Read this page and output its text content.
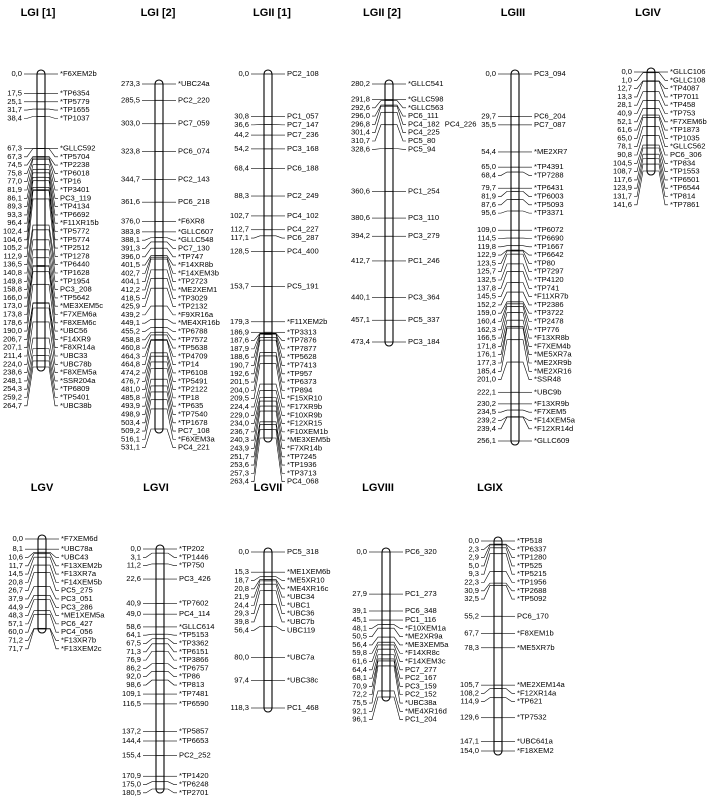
LGI [1]
0,0	*F6XEM2b
17,5	*TP6354
25,1	*TP5779
31,7	*TP1655
38,4	*TP1037
67,3	*GLLC592
67,3	*TP5704
74,5	*TP2238
75,8	*TP6018
77,0	*TP16
81,9	*TP3401
86,1	PC3_119
89,3	*TP4134
93,3	*TP6692
96,4	*F11XR15b
102,4	*TP5772
104,6	*TP5774
105,2	*TP2512
112,9	*TP1278
136,5	*TP6440
140,8	*TP1628
149,8	*TP1954
158,8	PC3_208
166,0	*TP5642
173,0	*ME3XEM5c
173,8	*F7XEM6a
178,6	*F8XEM6c
190,0	*UBC56
206,7	*F14XR9
207,1	*F8XR14a
211,4	*UBC33
224,0	*UBC78b
238,6	*F8XEM5a
248,1	*SSR204a
254,3	*TP6809
259,2	*TP5401
264,7	*UBC38b
LGI [2]
273,3	*UBC24a
285,5	PC2_220
303,0	PC7_059
323,8	PC6_074
344,7	PC2_143
361,6	PC6_218
376,0	*F6XR8
383,8	*GLLC607
388,1	*GLLC548
391,3	PC7_130
396,0	*TP747
401,5	*F14XR8b
402,7	*F14XEM3b
404,1	*TP2723
412,2	*ME2XEM1
418,5	*TP3029
425,9	*TP2132
439,2	*F9XR16a
449,1	*ME4XR16b
455,2	*TP6788
458,8	*TP7572
460,8	*TP5638
464,3	*TP4709
464,8	*TP14
474,2	*TP6108
476,7	*TP5491
481,0	*TP2122
485,8	*TP18
493,9	*TP635
498,9	*TP7540
503,4	*TP1678
509,2	PC7_108
516,1	*F6XEM3a
531,1	PC4_221
LGII [1]
0,0	PC2_108
30,8	PC1_057
36,6	PC7_147
44,2	PC7_236
54,2	PC3_168
68,4	PC6_188
88,3	PC2_249
102,7	PC4_102
112,7	PC4_227
117,1	PC6_287
128,5	PC4_400
153,7	PC5_191
179,3	*F11XEM2b
186,9	*TP3313
187,6	*TP7876
187,9	*TP7877
188,6	*TP5628
190,7	*TP7413
192,6	*TP957
201,5	*TP6373
204,0	*TP894
209,5	*F15XR10
224,4	*F17XR9b
229,0	*F10XR9b
234,0	*F12XR15
236,7	*F10XEM1b
240,3	*ME3XEM5b
243,9	*F7XR14b
251,7	*TP7245
253,6	*TP1936
257,3	*TP3713
263,4	PC4_068
LGII [2]
280,2	*GLLC541
291,8	*GLLC598
292,6	*GLLC563
296,0	PC6_111
296,8	PC4_182 PC4_226
301,4	PC4_225
310,7	PC5_80
328,6	PC5_94
360,6	PC1_254
380,6	PC3_110
394,2	PC3_279
412,7	PC1_246
440,1	PC3_364
457,1	PC5_337
473,4	PC3_184
LGIII
0,0	PC3_094
29,7	PC6_204
35,5	PC7_087
54,4	*ME2XR7
65,0	*TP4391
68,4	*TP7288
79,7	*TP6431
81,9	*TP6003
87,6	*TP5093
95,6	*TP3371
109,0	*TP6072
114,5	*TP6690
119,8	*TP1667
122,9	*TP6642
123,5	*TP80
125,7	*TP7297
132,5	*TP4120
137,8	*TP741
145,5	*F11XR7b
152,2	*TP2386
159,0	*TP3722
160,4	*TP2478
162,3	*TP776
166,5	*F13XR8b
171,8	*F7XEM4b
176,1	*ME5XR7a
177,3	*ME2XR9b
185,4	*ME2XR16
201,0	*SSR48
222,1	*UBC9b
230,2	*F13XR9b
234,5	*F7XEM5
239,2	*F14XEM5a
239,4	*F12XR14d
256,1	*GLLC609
LGIV
0,0	*GLLC106
1,0	*GLLC108
12,7	*TP4087
13,3	*TP7011
28,1	*TP458
40,9	*TP753
52,1	*F7XEM6b
61,6	*TP1873
65,0	*TP1035
78,1	*GLLC562
90,8	PC6_306
104,5	*TP834
108,7	*TP1553
117,6	*TP6501
123,9	*TP6544
131,7	*TP814
141,6	*TP7861
LGV
0,0	*F7XEM6d
8,1	*UBC78a
10,6	*UBC43
11,7	*F13XEM2b
14,5	*F13XR7a
20,8	*F14XEM5b
26,7	PC5_275
37,9	PC3_051
44,9	PC3_286
48,3	*ME1XEM5a
57,1	PC6_427
60,0	PC4_056
71,2	*F13XR7b
71,7	*F13XEM2c
LGVI
0,0	*TP202
3,1	*TP1446
11,2	*TP750
22,6	PC3_426
40,9	*TP7602
49,0	PC4_114
58,6	*GLLC614
64,1	*TP5153
67,5	*TP3362
71,3	*TP6151
76,9	*TP3866
86,2	*TP6757
92,0	*TP86
98,6	*TP813
109,1	*TP7481
116,5	*TP6590
137,2	*TP5857
144,4	*TP6653
155,4	PC2_252
170,9	*TP1420
175,0	*TP6248
180,5	*TP2701
LGVII
0,0	PC5_318
15,3	*ME1XEM6b
18,7	*ME5XR10
20,8	*ME4XR16c
21,9	*UBC34
24,4	*UBC1
29,3	*UBC36
39,8	*UBC7b
56,4	UBC119
80,0	*UBC7a
97,4	*UBC38c
118,3	PC1_468
LGVIII
0,0	PC6_320
27,9	PC1_273
39,1	PC6_348
45,1	PC1_116
48,1	*F10XEM1a
50,5	*ME2XR9a
56,4	*ME3XEM5a
59,8	*F14XR8c
61,6	*F14XEM3c
64,4	PC7_277
68,1	PC2_167
70,9	PC3_159
72,2	PC2_152
75,5	*UBC38a
92,1	*ME4XR16d
96,1	PC1_204
LGIX
0,0	*TP518
2,3	*TP6337
2,9	*TP1280
5,0	*TP525
9,3	*TP5215
22,3	*TP1956
30,9	*TP2688
32,5	*TP5092
55,2	PC6_170
67,7	*F8XEM1b
78,3	*ME5XR7b
105,7	*ME2XEM14a
108,2	*F12XR14a
114,9	*TP621
129,6	*TP7532
147,1	*UBC641a
154,0	*F18XEM2
